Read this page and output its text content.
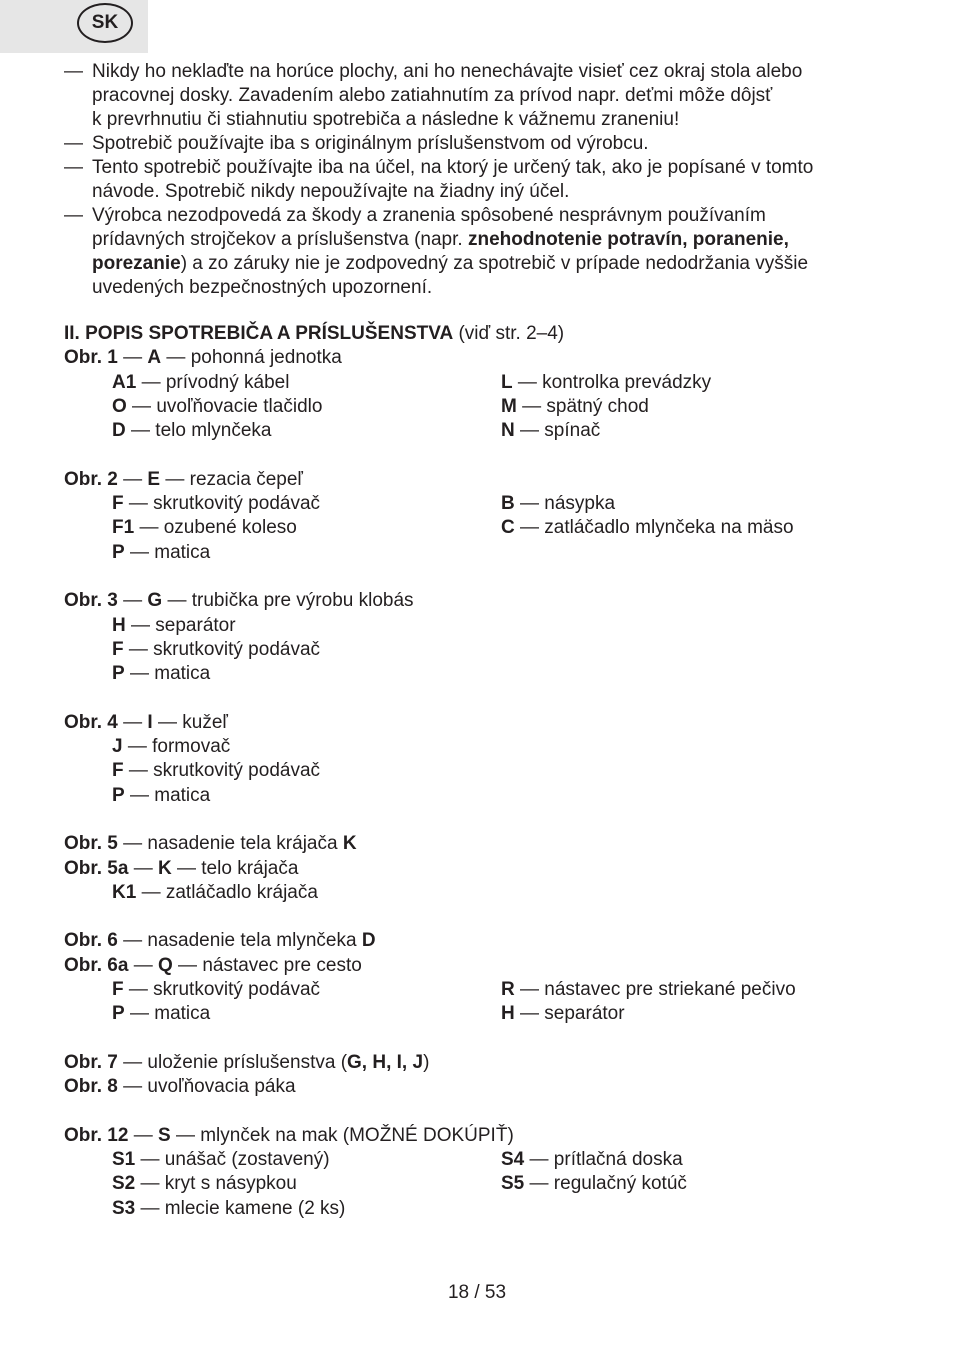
SK
— Nikdy ho neklaďte na horúce plochy, ani ho nenechávajte visieť cez okraj stola alebo
pracovnej dosky. Zavadením alebo zatiahnutím za prívod napr. deťmi môže dôjsť
k prevrhnutiu či stiahnutiu spotrebiča a následne k vážnemu zraneniu!
— Spotrebič používajte iba s originálnym príslušenstvom od výrobcu.
— Tento spotrebič používajte iba na účel, na ktorý je určený tak, ako je popísané v tomto
návode. Spotrebič nikdy nepoužívajte na žiadny iný účel.
— Výrobca nezodpovedá za škody a zranenia spôsobené nesprávnym používaním
prídavných strojčekov a príslušenstva (napr. znehodnotenie potravín, poranenie,
porezanie) a zo záruky nie je zodpovedný za spotrebič v prípade nedodržania vyššie
uvedených bezpečnostných upozornení.
II. POPIS SPOTREBIČA A PRÍSLUŠENSTVA (viď str. 2–4)
Obr. 1 — A — pohonná jednotka
A1 — prívodný kábel	L — kontrolka prevádzky
O — uvoľňovacie tlačidlo	M — spätný chod
D — telo mlynčeka	N — spínač
Obr. 2 — E — rezacia čepeľ
F — skrutkovitý podávač	B — násypka
F1 — ozubené koleso	C — zatláčadlo mlynčeka na mäso
P — matica
Obr. 3 — G — trubička pre výrobu klobás
H — separátor
F — skrutkovitý podávač
P — matica
Obr. 4 — I — kužeľ
J — formovač
F — skrutkovitý podávač
P — matica
Obr. 5 — nasadenie tela krájača K
Obr. 5a — K — telo krájača
K1 — zatláčadlo krájača
Obr. 6 — nasadenie tela mlynčeka D
Obr. 6a — Q — nástavec pre cesto
F — skrutkovitý podávač	R — nástavec pre striekané pečivo
P — matica	H — separátor
Obr. 7 — uloženie príslušenstva (G, H, I, J)
Obr. 8 — uvoľňovacia páka
Obr. 12 — S — mlynček na mak (MOŽNÉ DOKÚPIŤ)
S1 — unášač (zostavený)	S4 — prítlačná doska
S2 — kryt s násypkou	S5 — regulačný kotúč
S3 — mlecie kamene (2 ks)
18 / 53
